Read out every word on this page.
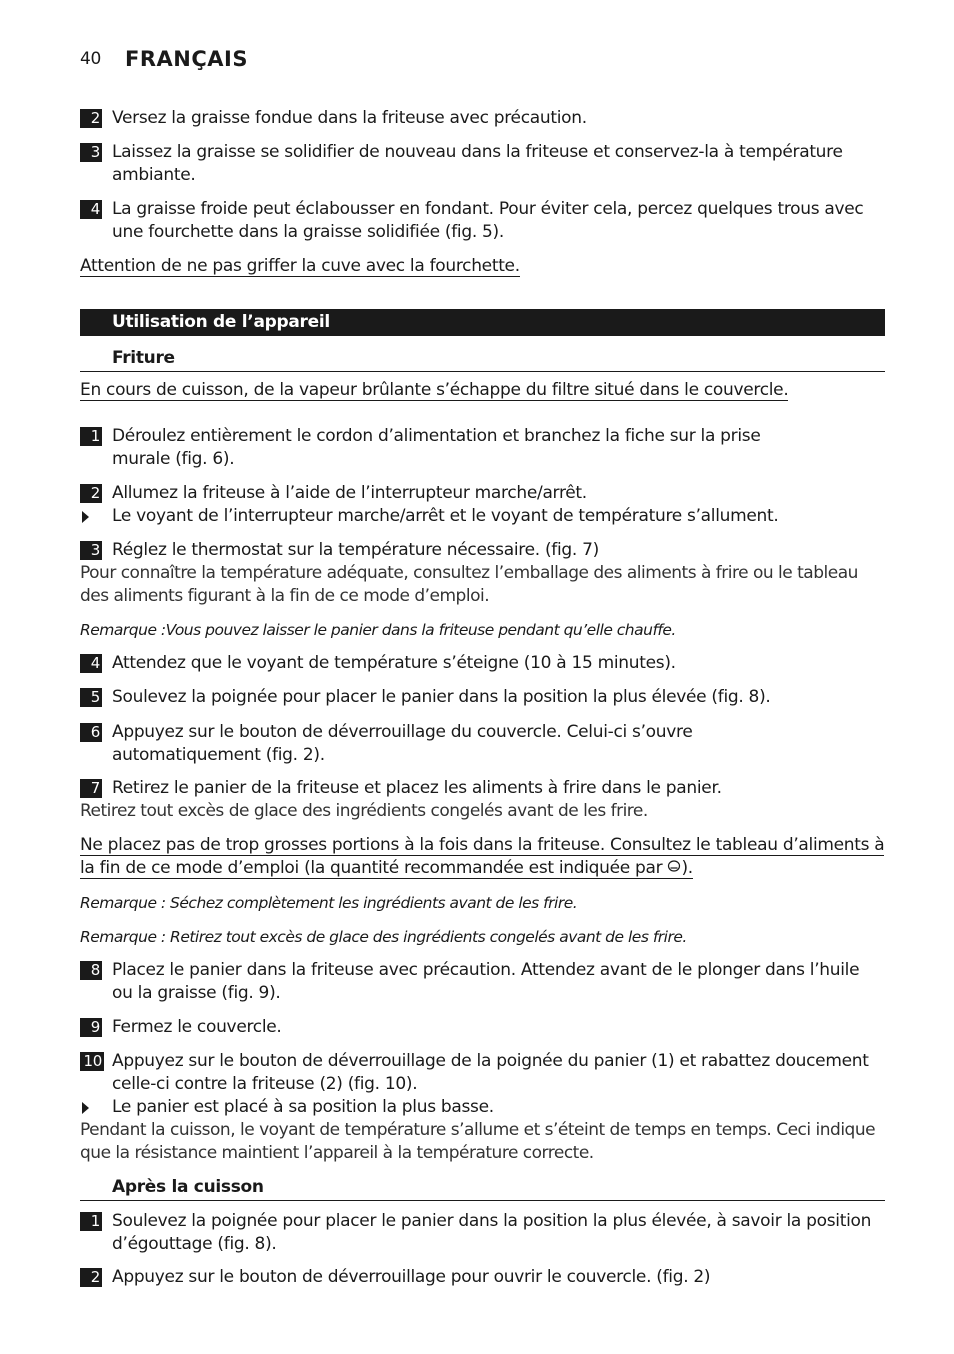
40 FRANÇAIS
2 Versez la graisse fondue dans la friteuse avec précaution.
3 Laissez la graisse se solidifier de nouveau dans la friteuse et conservez-la à température ambiante.
4 La graisse froide peut éclabousser en fondant. Pour éviter cela, percez quelques trous avec une fourchette dans la graisse solidifiée (fig. 5).
Attention de ne pas griffer la cuve avec la fourchette.
Utilisation de l’appareil
Friture
En cours de cuisson, de la vapeur brûlante s’échappe du filtre situé dans le couvercle.
1 Déroulez entièrement le cordon d’alimentation et branchez la fiche sur la prise murale (fig. 6).
2 Allumez la friteuse à l’aide de l’interrupteur marche/arrêt.
Le voyant de l’interrupteur marche/arrêt et le voyant de température s’allument.
3 Réglez le thermostat sur la température nécessaire. (fig. 7)
Pour connaître la température adéquate, consultez l’emballage des aliments à frire ou le tableau des aliments figurant à la fin de ce mode d’emploi.
Remarque :Vous pouvez laisser le panier dans la friteuse pendant qu’elle chauffe.
4 Attendez que le voyant de température s’éteigne (10 à 15 minutes).
5 Soulevez la poignée pour placer le panier dans la position la plus élevée (fig. 8).
6 Appuyez sur le bouton de déverrouillage du couvercle. Celui-ci s’ouvre automatiquement (fig. 2).
7 Retirez le panier de la friteuse et placez les aliments à frire dans le panier.
Retirez tout excès de glace des ingrédients congelés avant de les frire.
Ne placez pas de trop grosses portions à la fois dans la friteuse. Consultez le tableau d’aliments à
la fin de ce mode d’emploi (la quantité recommandée est indiquée par ).
Remarque : Séchez complètement les ingrédients avant de les frire.
Remarque : Retirez tout excès de glace des ingrédients congelés avant de les frire.
8 Placez le panier dans la friteuse avec précaution. Attendez avant de le plonger dans l’huile ou la graisse (fig. 9).
9 Fermez le couvercle.
10 Appuyez sur le bouton de déverrouillage de la poignée du panier (1) et rabattez doucement celle-ci contre la friteuse (2) (fig. 10).
Le panier est placé à sa position la plus basse.
Pendant la cuisson, le voyant de température s’allume et s’éteint de temps en temps. Ceci indique que la résistance maintient l’appareil à la température correcte.
Après la cuisson
1 Soulevez la poignée pour placer le panier dans la position la plus élevée, à savoir la position d’égouttage (fig. 8).
2 Appuyez sur le bouton de déverrouillage pour ouvrir le couvercle. (fig. 2)
